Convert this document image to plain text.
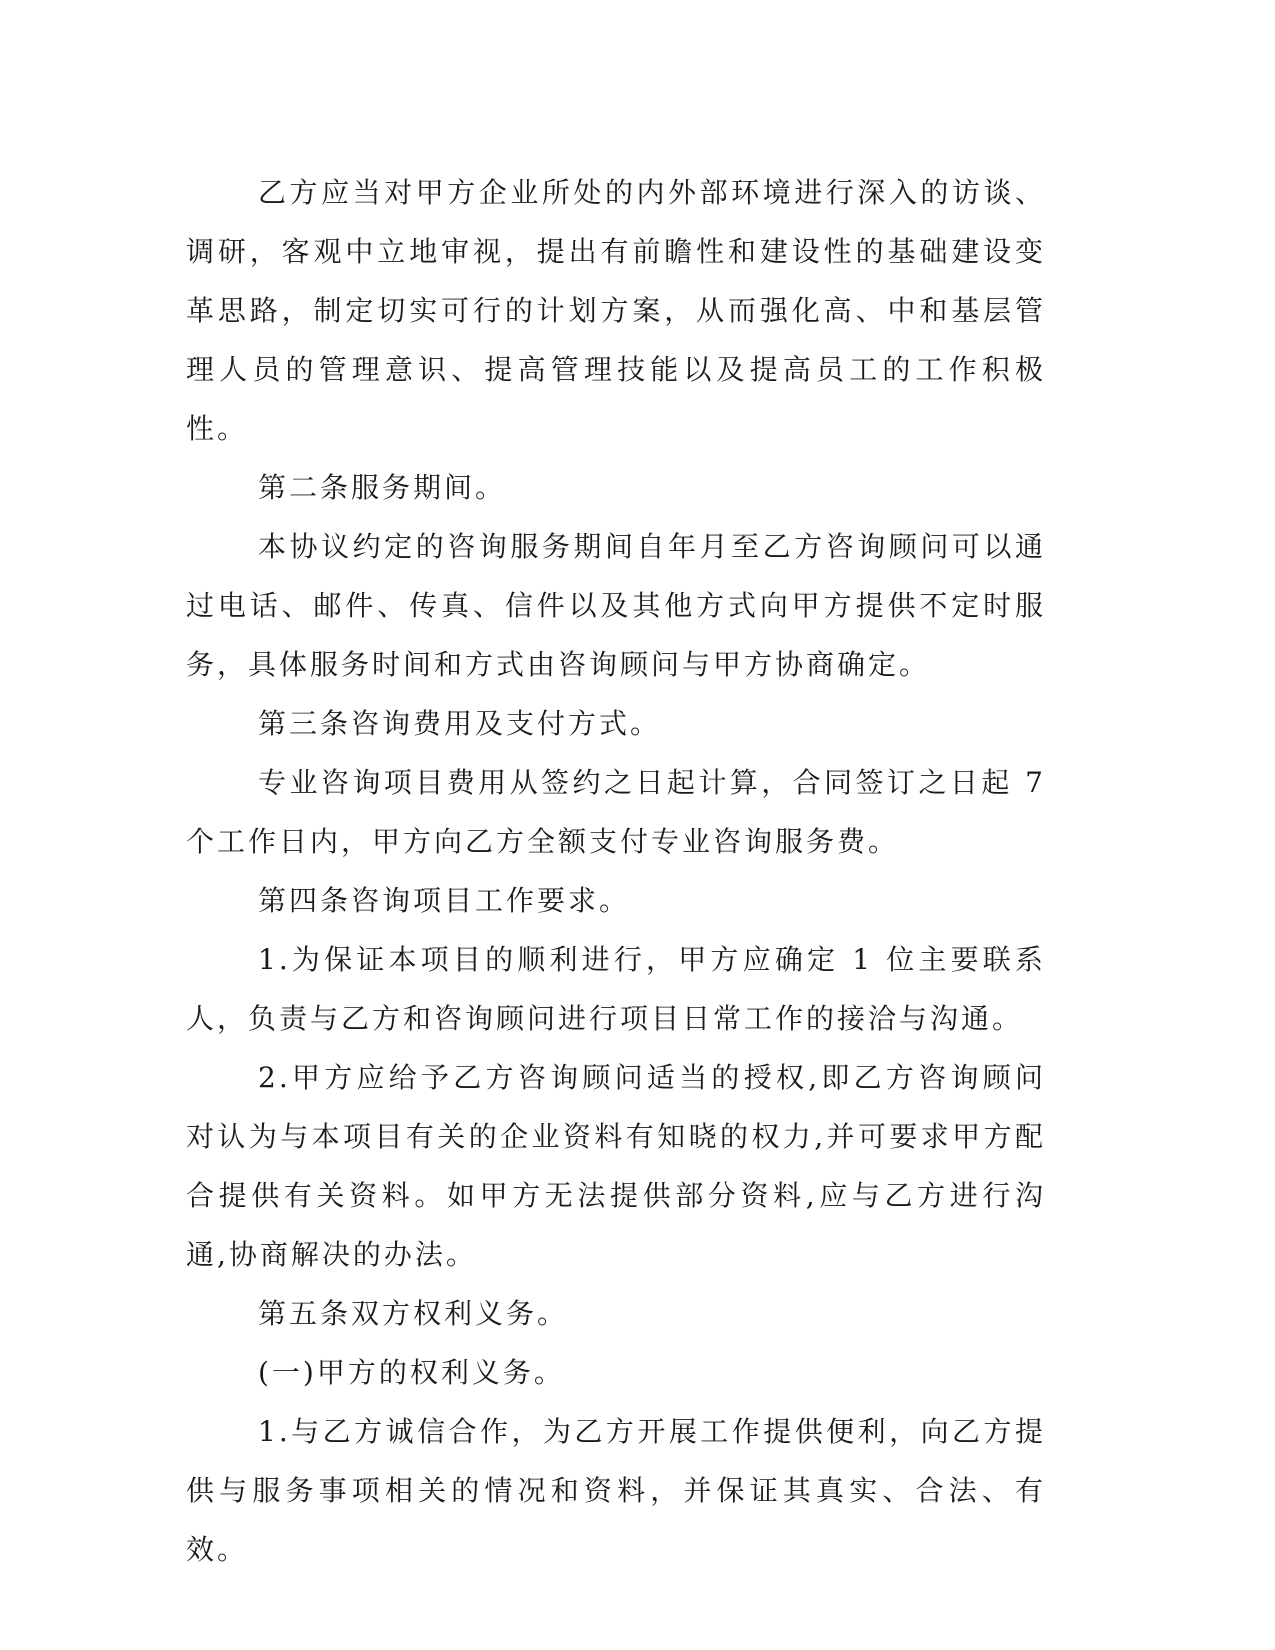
乙方应当对甲方企业所处的内外部环境进行深入的访谈、调研，客观中立地审视，提出有前瞻性和建设性的基础建设变革思路，制定切实可行的计划方案，从而强化高、中和基层管理人员的管理意识、提高管理技能以及提高员工的工作积极性。

第二条服务期间。

本协议约定的咨询服务期间自年月至乙方咨询顾问可以通过电话、邮件、传真、信件以及其他方式向甲方提供不定时服务，具体服务时间和方式由咨询顾问与甲方协商确定。

第三条咨询费用及支付方式。

专业咨询项目费用从签约之日起计算，合同签订之日起 7 个工作日内，甲方向乙方全额支付专业咨询服务费。

第四条咨询项目工作要求。

1.为保证本项目的顺利进行，甲方应确定 1 位主要联系人，负责与乙方和咨询顾问进行项目日常工作的接洽与沟通。

2.甲方应给予乙方咨询顾问适当的授权,即乙方咨询顾问对认为与本项目有关的企业资料有知晓的权力,并可要求甲方配合提供有关资料。如甲方无法提供部分资料,应与乙方进行沟通,协商解决的办法。

第五条双方权利义务。

(一)甲方的权利义务。

1.与乙方诚信合作，为乙方开展工作提供便利，向乙方提供与服务事项相关的情况和资料，并保证其真实、合法、有效。
